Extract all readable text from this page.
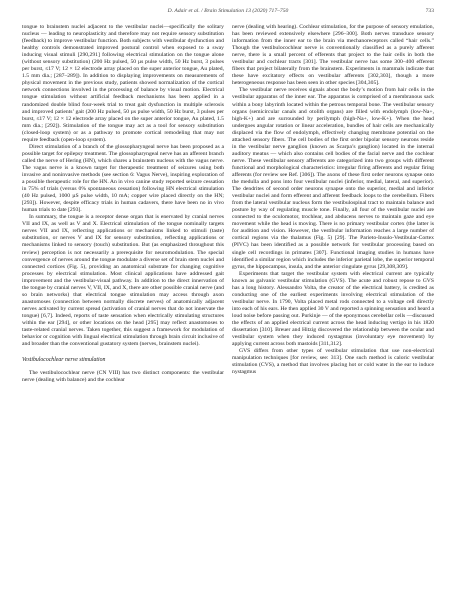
D. Adair et al. / Brain Stimulation 13 (2020) 717–750	733

tongue to brainstem nuclei adjacent to the vestibular nuclei—specifically the solitary nucleus — leading to neuroplasticity and therefore may not require sensory substitution (feedback) to improve vestibular function. Both subjects with vestibular dysfunction and healthy controls demonstrated improved postural control when exposed to a sway inducing visual stimuli [290,291] following electrical stimulation on the tongue alone (without sensory substitution) (200 Hz pulsed, 50 µs pulse width, 50 Hz burst, 3 pulses per burst, ≤17 V; 12 × 12 electrode array placed on the super anterior tongue, Au plated, 1.5 mm dia.; [287–289]). In addition to displaying improvements on measurements of physical movement in the previous study, patients showed normalization of the cortical network connections involved in the processing of balance by visual motion. Electrical tongue stimulation without artificial feedback mechanisms has been applied in a randomized double blind four-week trial to treat gait dysfunction in multiple sclerosis and improved patients’ gait (200 Hz pulsed, 50 µs pulse width, 50 Hz burst, 3 pulses per burst, ≤17 V; 12 × 12 electrode array placed on the super anterior tongue, Au plated, 1.5 mm dia.; [292]). Stimulation of the tongue may act as a tool for sensory substitution (closed-loop system) or as a pathway to promote cortical remodeling that may not require feedback (open-loop system).

Direct stimulation of a branch of the glossopharyngeal nerve has been proposed as a possible target for epilepsy treatment. The glossopharyngeal nerve has an afferent branch called the nerve of Hering (HN), which shares a brainstem nucleus with the vagus nerve. The vagus nerve is a known target for therapeutic treatment of seizures using both invasive and noninvasive methods (see section 6: Vagus Nerve), inspiring exploration of a possible therapeutic role for the HN. An in vivo canine study reported seizure cessation in 75% of trials (versus 0% spontaneous cessation) following HN electrical stimulation (40 Hz pulsed, 1000 µS pulse width, 10 mA; copper wire placed directly on the HN; [293]). However, despite efficacy trials in human cadavers, there have been no in vivo human trials to date [293].

In summary, the tongue is a receptor dense organ that is enervated by cranial nerves VII and IX, as well as V and X. Electrical stimulation of the tongue nominally targets nerves VII and IX, reflecting applications or mechanisms linked to stimuli (taste) substitution, or nerves V and IX for sensory substitution, reflecting applications or mechanisms linked to sensory (touch) substitution. But (as emphasized throughout this review) perception is not necessarily a prerequisite for neuromodulation. The special convergence of nerves around the tongue modulate a diverse set of brain stem nuclei and connected cortices (Fig. 5), providing an anatomical substrate for changing cognitive processes by electrical stimulation. Most clinical applications have addressed gait improvement and the vestibular-visual pathway. In addition to the direct innervation of the tongue by cranial nerves V, VII, IX, and X, there are other possible cranial nerve (and so brain networks) that electrical tongue stimulation may access through axon anastomoses (connection between normally discrete nerves) of anatomically adjacent nerves activated by current spread (activation of cranial nerves that do not innervate the tongue) [6,7]. Indeed, reports of taste sensation when electrically stimulating structures within the ear [294], or other locations on the head [295] may reflect anastomoses to taste-related cranial nerves. Taken together, this suggest a framework for modulation of behavior or cognition with lingual electrical stimulation through brain circuit inclusive of and broader than the conventional gustatory system (nerves, brainstem nuclei).

Vestibulocochlear nerve stimulation

The vestibulocochlear nerve (CN VIII) has two distinct components: the vestibular nerve (dealing with balance) and the cochlear

nerve (dealing with hearing). Cochlear stimulation, for the purpose of sensory emulation, has been reviewed extensively elsewhere [296–300]. Both nerves transduce sensory information from the inner ear to the brain via mechanoreceptors called “hair cells.” Though the vestibulocochlear nerve is conventionally classified as a purely afferent nerve, there is a small percent of efferents that project to the hair cells in both the vestibular and cochlear tracts [301]. The vestibular nerve has some 300–400 efferent fibers that project bilaterally from the brainstem. Experiments in mammals indicate that these have excitatory effects on vestibular afferents [302,303], though a more heterogeneous response has been seen in other species [304,305].

The vestibular nerve receives signals about the body’s motion from hair cells in the vestibular apparatus of the inner ear. The apparatus is comprised of a membranous sack within a bony labyrinth located within the petrous temporal bone. The vestibular sensory organs (semicircular canals and otolith organs) are filled with endolymph (low-Na+, high-K+) and are surrounded by perilymph (high-Na+, low-K+). When the head undergoes angular rotation or linear acceleration, bundles of hair cells are mechanically displaced via the flow of endolymph, effectively changing membrane potential on the attached sensory fibers. The cell bodies of the first order bipolar sensory neurons reside in the vestibular nerve ganglion (known as Scarpa’s ganglion) located in the internal auditory meatus — which also contains cell bodies of the facial nerve and the cochlear nerve. These vestibular sensory afferents are categorized into two groups with different functional and morphological characteristics: irregular firing afferents and regular firing afferents (for review see Ref. [306]). The axons of these first order neurons synapse onto the medulla and pons into four vestibular nuclei (inferior, medial, lateral, and superior). The dendrites of second order neurons synapse onto the superior, medial and inferior vestibular nuclei and form efferent and afferent feedback loops to the cerebellum. Fibers from the lateral vestibular nucleus form the vestibulospinal tract to maintain balance and posture by way of regulating muscle tone. Finally, all four of the vestibular nuclei are connected to the oculomotor, trochlear, and abducens nerves to maintain gaze and eye movement while the head is moving. There is no primary vestibular cortex (the latter is for audition and vision. However, the vestibular information reaches a large number of cortical regions via the thalamus (Fig. 5) [29]. The Parieto-Insulo-Vestibular-Cortex (PIVC) has been identified as a possible network for vestibular processing based on single cell recordings in primates [307]. Functional imaging studies in humans have identified a similar region which includes the inferior parietal lobe, the superior temporal gyrus, the hippocampus, insula, and the anterior cingulate gyrus [29,308,309].

Experiments that target the vestibular system with electrical current are typically known as galvanic vestibular stimulation (GVS). The acute and robust repose to GVS has a long history. Alessandro Volta, the creator of the electrical battery, is credited as conducting one of the earliest experiments involving electrical stimulation of the vestibular nerve. In 1790, Volta placed metal rods connected to a voltage cell directly into each of his ears. He then applied 30 V and reported a spinning sensation and heard a loud noise before passing out. Purkinje — of the eponymous cerebellar cells —discussed the effects of an applied electrical current across the head inducing vertigo in his 1820 dissertation [310]. Breuer and Hitzig discovered the relationship between the ocular and vestibular system when they induced nystagmus (involuntary eye movement) by applying current across both mastoids [311,312].

GVS differs from other types of vestibular stimulation that use non-electrical manipulation techniques [for review, see: 313]. One such method is caloric vestibular stimulation (CVS), a method that involves placing hot or cold water in the ear to induce nystagmus
